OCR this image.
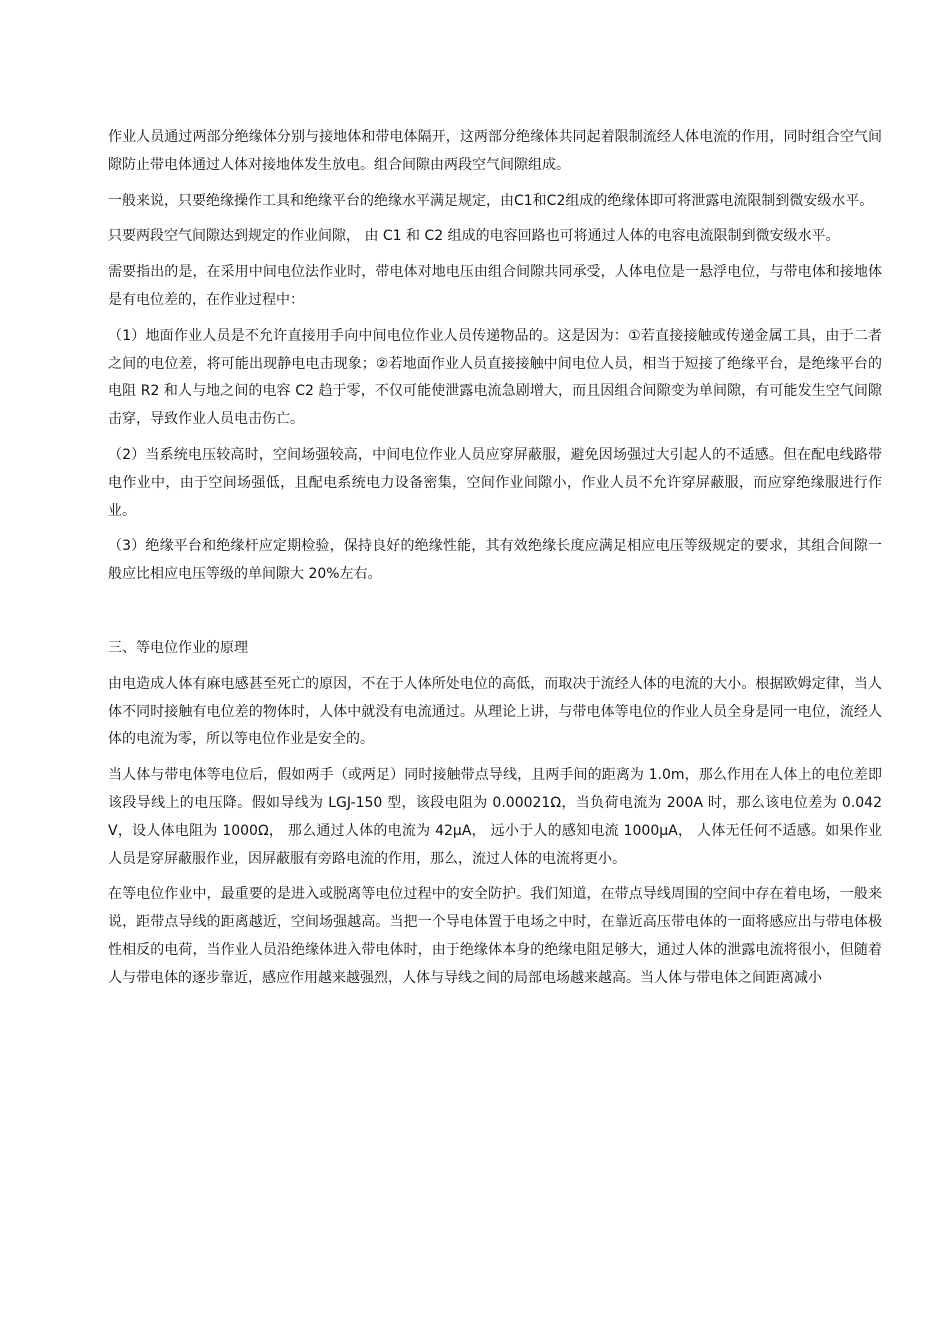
作业人员通过两部分绝缘体分别与接地体和带电体隔开，这两部分绝缘体共同起着限制流经人体电流的作用，同时组合空气间隙防止带电体通过人体对接地体发生放电。组合间隙由两段空气间隙组成。

一般来说，只要绝缘操作工具和绝缘平台的绝缘水平满足规定，由C1和C2组成的绝缘体即可将泄露电流限制到微安级水平。

只要两段空气间隙达到规定的作业间隙， 由 C1 和 C2 组成的电容回路也可将通过人体的电容电流限制到微安级水平。

需要指出的是，在采用中间电位法作业时，带电体对地电压由组合间隙共同承受，人体电位是一悬浮电位，与带电体和接地体是有电位差的，在作业过程中：

（1）地面作业人员是不允许直接用手向中间电位作业人员传递物品的。这是因为：①若直接接触或传递金属工具，由于二者之间的电位差，将可能出现静电电击现象；②若地面作业人员直接接触中间电位人员，相当于短接了绝缘平台，是绝缘平台的电阻 R2 和人与地之间的电容 C2 趋于零，不仅可能使泄露电流急剧增大，而且因组合间隙变为单间隙，有可能发生空气间隙击穿，导致作业人员电击伤亡。

（2）当系统电压较高时，空间场强较高，中间电位作业人员应穿屏蔽服，避免因场强过大引起人的不适感。但在配电线路带电作业中，由于空间场强低，且配电系统电力设备密集，空间作业间隙小，作业人员不允许穿屏蔽服，而应穿绝缘服进行作业。

（3）绝缘平台和绝缘杆应定期检验，保持良好的绝缘性能，其有效绝缘长度应满足相应电压等级规定的要求，其组合间隙一般应比相应电压等级的单间隙大 20%左右。

三、等电位作业的原理

由电造成人体有麻电感甚至死亡的原因，不在于人体所处电位的高低，而取决于流经人体的电流的大小。根据欧姆定律，当人体不同时接触有电位差的物体时，人体中就没有电流通过。从理论上讲，与带电体等电位的作业人员全身是同一电位，流经人体的电流为零，所以等电位作业是安全的。

当人体与带电体等电位后，假如两手（或两足）同时接触带点导线，且两手间的距离为 1.0m，那么作用在人体上的电位差即该段导线上的电压降。假如导线为 LGJ-150 型，该段电阻为 0.00021Ω，当负荷电流为 200A 时，那么该电位差为 0.042V，设人体电阻为 1000Ω， 那么通过人体的电流为 42μA， 远小于人的感知电流 1000μA， 人体无任何不适感。如果作业人员是穿屏蔽服作业，因屏蔽服有旁路电流的作用，那么，流过人体的电流将更小。

在等电位作业中，最重要的是进入或脱离等电位过程中的安全防护。我们知道，在带点导线周围的空间中存在着电场，一般来说，距带点导线的距离越近，空间场强越高。当把一个导电体置于电场之中时，在靠近高压带电体的一面将感应出与带电体极性相反的电荷，当作业人员沿绝缘体进入带电体时，由于绝缘体本身的绝缘电阻足够大，通过人体的泄露电流将很小，但随着人与带电体的逐步靠近，感应作用越来越强烈，人体与导线之间的局部电场越来越高。当人体与带电体之间距离减小
